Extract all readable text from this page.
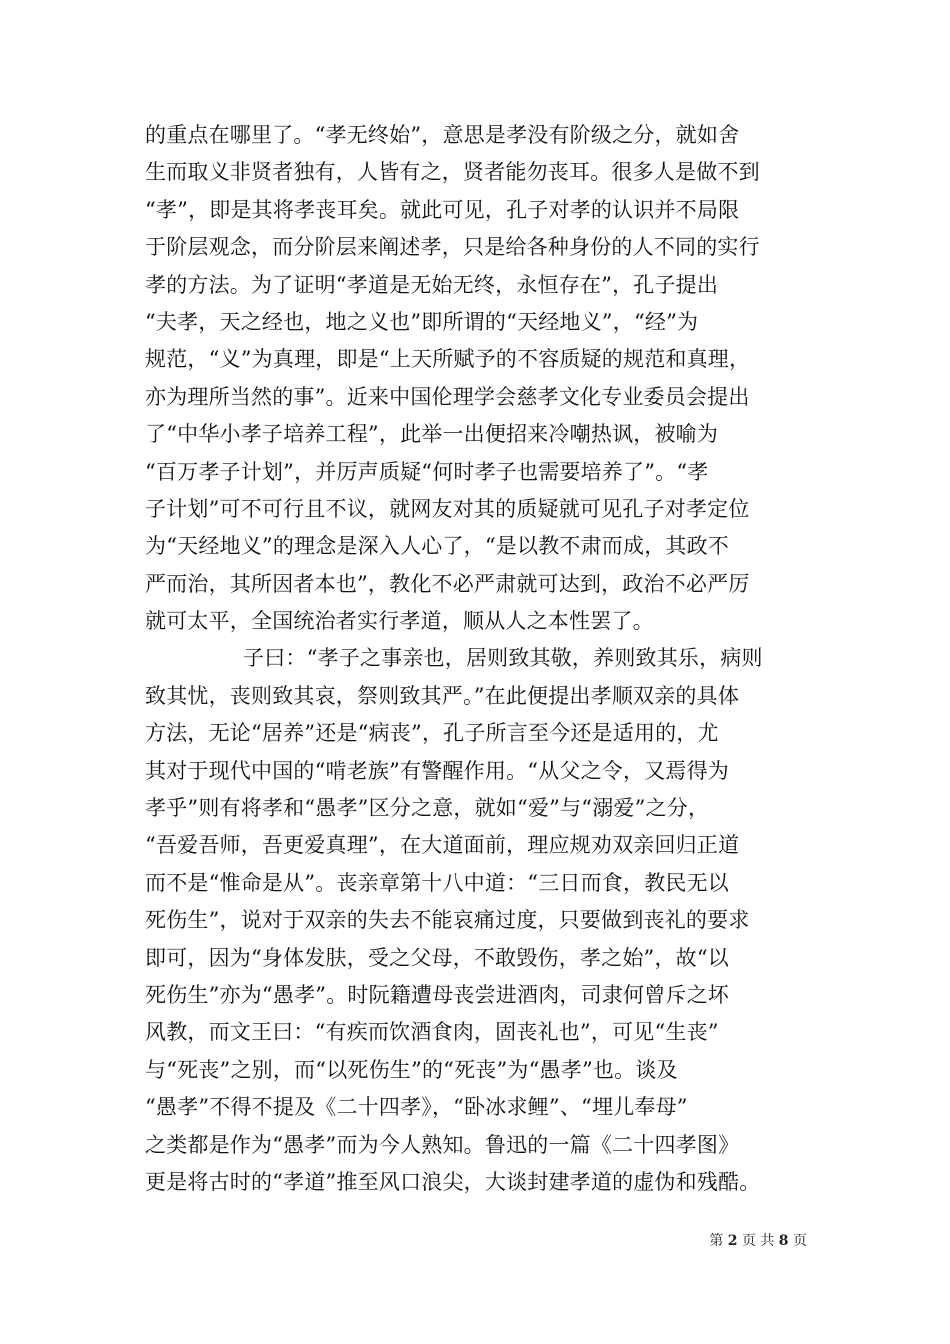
的重点在哪里了。“孝无终始”，意思是孝没有阶级之分，就如舍
生而取义非贤者独有，人皆有之，贤者能勿丧耳。很多人是做不到
“孝”，即是其将孝丧耳矣。就此可见，孔子对孝的认识并不局限
于阶层观念，而分阶层来阐述孝，只是给各种身份的人不同的实行
孝的方法。为了证明“孝道是无始无终，永恒存在”，孔子提出
“夫孝，天之经也，地之义也”即所谓的“天经地义”，“经”为
规范，“义”为真理，即是“上天所赋予的不容质疑的规范和真理，
亦为理所当然的事”。近来中国伦理学会慈孝文化专业委员会提出
了“中华小孝子培养工程”，此举一出便招来冷嘲热讽，被喻为
“百万孝子计划”，并厉声质疑“何时孝子也需要培养了”。“孝
子计划”可不可行且不议，就网友对其的质疑就可见孔子对孝定位
为“天经地义”的理念是深入人心了，“是以教不肃而成，其政不
严而治，其所因者本也”，教化不必严肃就可达到，政治不必严厉
就可太平，全国统治者实行孝道，顺从人之本性罢了。
子曰：“孝子之事亲也，居则致其敬，养则致其乐，病则
致其忧，丧则致其哀，祭则致其严。”在此便提出孝顺双亲的具体
方法，无论“居养”还是“病丧”，孔子所言至今还是适用的，尤
其对于现代中国的“啃老族”有警醒作用。“从父之令，又焉得为
孝乎”则有将孝和“愚孝”区分之意，就如“爱”与“溺爱”之分，
“吾爱吾师，吾更爱真理”，在大道面前，理应规劝双亲回归正道
而不是“惟命是从”。丧亲章第十八中道：“三日而食，教民无以
死伤生”，说对于双亲的失去不能哀痛过度，只要做到丧礼的要求
即可，因为“身体发肤，受之父母，不敢毁伤，孝之始”，故“以
死伤生”亦为“愚孝”。时阮籍遭母丧尝进酒肉，司隶何曾斥之坏
风教，而文王曰：“有疾而饮酒食肉，固丧礼也”，可见“生丧”
与“死丧”之别，而“以死伤生”的“死丧”为“愚孝”也。谈及
“愚孝”不得不提及《二十四孝》，“卧冰求鲤”、“埋儿奉母”
之类都是作为“愚孝”而为今人熟知。鲁迅的一篇《二十四孝图》
更是将古时的“孝道”推至风口浪尖，大谈封建孝道的虚伪和残酷。
第 2 页 共 8 页
